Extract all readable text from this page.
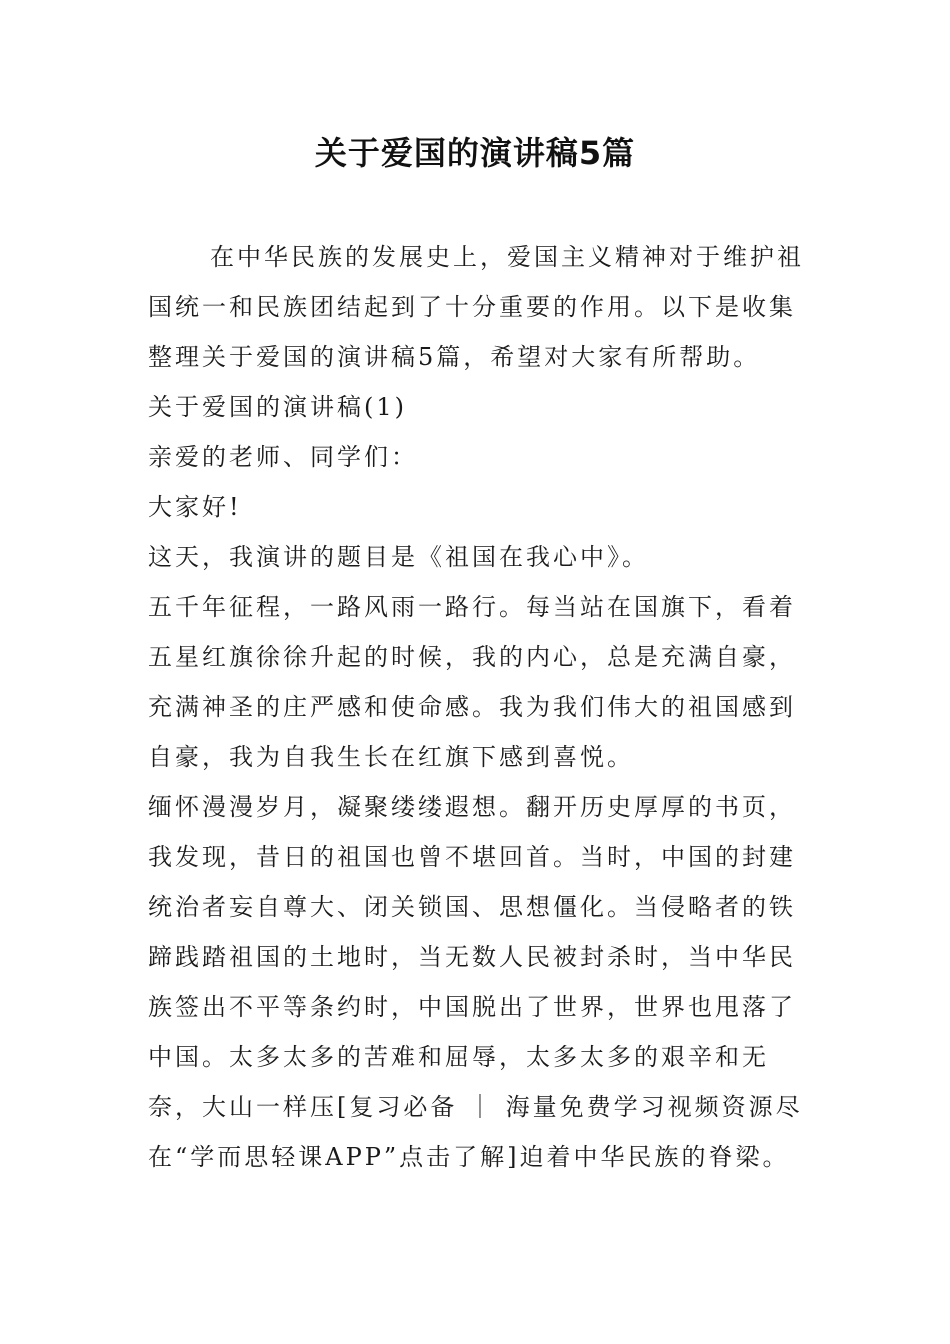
关于爱国的演讲稿5篇

在中华民族的发展史上，爱国主义精神对于维护祖国统一和民族团结起到了十分重要的作用。以下是收集整理关于爱国的演讲稿5篇，希望对大家有所帮助。

关于爱国的演讲稿(1)

亲爱的老师、同学们：

大家好!

这天，我演讲的题目是《祖国在我心中》。

五千年征程，一路风雨一路行。每当站在国旗下，看着五星红旗徐徐升起的时候，我的内心，总是充满自豪，充满神圣的庄严感和使命感。我为我们伟大的祖国感到自豪，我为自我生长在红旗下感到喜悦。

缅怀漫漫岁月，凝聚缕缕遐想。翻开历史厚厚的书页，我发现，昔日的祖国也曾不堪回首。当时，中国的封建统治者妄自尊大、闭关锁国、思想僵化。当侵略者的铁蹄践踏祖国的土地时，当无数人民被封杀时，当中华民族签出不平等条约时，中国脱出了世界，世界也甩落了中国。太多太多的苦难和屈辱，太多太多的艰辛和无奈，大山一样压[复习必备 ｜ 海量免费学习视频资源尽在“学而思轻课APP”点击了解]迫着中华民族的脊梁。
